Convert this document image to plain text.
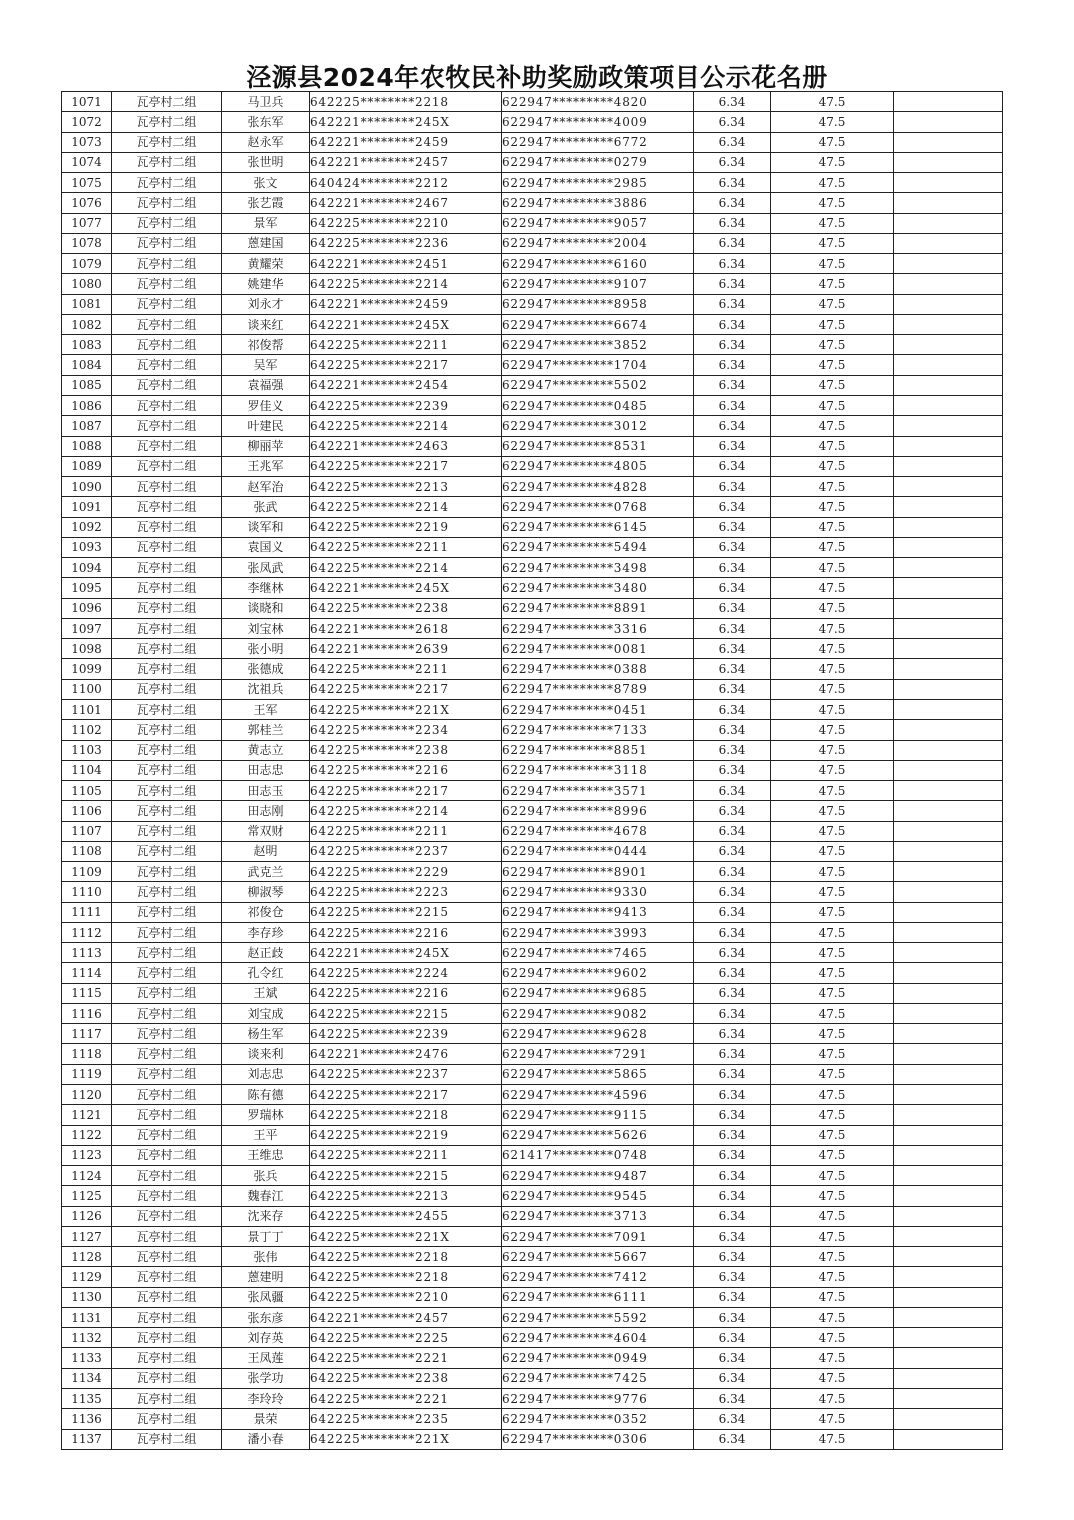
泾源县2024年农牧民补助奖励政策项目公示花名册
1071	瓦亭村二组	马卫兵	642225********2218	622947*********4820	6.34	47.5	
1072	瓦亭村二组	张东军	642221********245X	622947*********4009	6.34	47.5	
1073	瓦亭村二组	赵永军	642221********2459	622947*********6772	6.34	47.5	
1074	瓦亭村二组	张世明	642221********2457	622947*********0279	6.34	47.5	
1075	瓦亭村二组	张文	640424********2212	622947*********2985	6.34	47.5	
1076	瓦亭村二组	张艺霞	642221********2467	622947*********3886	6.34	47.5	
1077	瓦亭村二组	景军	642225********2210	622947*********9057	6.34	47.5	
1078	瓦亭村二组	蒽建国	642225********2236	622947*********2004	6.34	47.5	
1079	瓦亭村二组	黄耀荣	642221********2451	622947*********6160	6.34	47.5	
1080	瓦亭村二组	姚建华	642225********2214	622947*********9107	6.34	47.5	
1081	瓦亭村二组	刘永才	642221********2459	622947*********8958	6.34	47.5	
1082	瓦亭村二组	谈来红	642221********245X	622947*********6674	6.34	47.5	
1083	瓦亭村二组	祁俊帮	642225********2211	622947*********3852	6.34	47.5	
1084	瓦亭村二组	吴军	642225********2217	622947*********1704	6.34	47.5	
1085	瓦亭村二组	袁福强	642221********2454	622947*********5502	6.34	47.5	
1086	瓦亭村二组	罗佳义	642225********2239	622947*********0485	6.34	47.5	
1087	瓦亭村二组	叶建民	642225********2214	622947*********3012	6.34	47.5	
1088	瓦亭村二组	柳丽苹	642221********2463	622947*********8531	6.34	47.5	
1089	瓦亭村二组	王兆军	642225********2217	622947*********4805	6.34	47.5	
1090	瓦亭村二组	赵军治	642225********2213	622947*********4828	6.34	47.5	
1091	瓦亭村二组	张武	642225********2214	622947*********0768	6.34	47.5	
1092	瓦亭村二组	谈军和	642225********2219	622947*********6145	6.34	47.5	
1093	瓦亭村二组	袁国义	642225********2211	622947*********5494	6.34	47.5	
1094	瓦亭村二组	张凤武	642225********2214	622947*********3498	6.34	47.5	
1095	瓦亭村二组	李继林	642221********245X	622947*********3480	6.34	47.5	
1096	瓦亭村二组	谈晓和	642225********2238	622947*********8891	6.34	47.5	
1097	瓦亭村二组	刘宝林	642221********2618	622947*********3316	6.34	47.5	
1098	瓦亭村二组	张小明	642221********2639	622947*********0081	6.34	47.5	
1099	瓦亭村二组	张德成	642225********2211	622947*********0388	6.34	47.5	
1100	瓦亭村二组	沈祖兵	642225********2217	622947*********8789	6.34	47.5	
1101	瓦亭村二组	王军	642225********221X	622947*********0451	6.34	47.5	
1102	瓦亭村二组	郭桂兰	642225********2234	622947*********7133	6.34	47.5	
1103	瓦亭村二组	黄志立	642225********2238	622947*********8851	6.34	47.5	
1104	瓦亭村二组	田志忠	642225********2216	622947*********3118	6.34	47.5	
1105	瓦亭村二组	田志玉	642225********2217	622947*********3571	6.34	47.5	
1106	瓦亭村二组	田志刚	642225********2214	622947*********8996	6.34	47.5	
1107	瓦亭村二组	常双财	642225********2211	622947*********4678	6.34	47.5	
1108	瓦亭村二组	赵明	642225********2237	622947*********0444	6.34	47.5	
1109	瓦亭村二组	武克兰	642225********2229	622947*********8901	6.34	47.5	
1110	瓦亭村二组	柳淑琴	642225********2223	622947*********9330	6.34	47.5	
1111	瓦亭村二组	祁俊仓	642225********2215	622947*********9413	6.34	47.5	
1112	瓦亭村二组	李存珍	642225********2216	622947*********3993	6.34	47.5	
1113	瓦亭村二组	赵正歧	642221********245X	622947*********7465	6.34	47.5	
1114	瓦亭村二组	孔令红	642225********2224	622947*********9602	6.34	47.5	
1115	瓦亭村二组	王斌	642225********2216	622947*********9685	6.34	47.5	
1116	瓦亭村二组	刘宝成	642225********2215	622947*********9082	6.34	47.5	
1117	瓦亭村二组	杨生军	642225********2239	622947*********9628	6.34	47.5	
1118	瓦亭村二组	谈来利	642221********2476	622947*********7291	6.34	47.5	
1119	瓦亭村二组	刘志忠	642225********2237	622947*********5865	6.34	47.5	
1120	瓦亭村二组	陈有德	642225********2217	622947*********4596	6.34	47.5	
1121	瓦亭村二组	罗瑞林	642225********2218	622947*********9115	6.34	47.5	
1122	瓦亭村二组	王平	642225********2219	622947*********5626	6.34	47.5	
1123	瓦亭村二组	王维忠	642225********2211	621417*********0748	6.34	47.5	
1124	瓦亭村二组	张兵	642225********2215	622947*********9487	6.34	47.5	
1125	瓦亭村二组	魏春江	642225********2213	622947*********9545	6.34	47.5	
1126	瓦亭村二组	沈来存	642225********2455	622947*********3713	6.34	47.5	
1127	瓦亭村二组	景丁丁	642225********221X	622947*********7091	6.34	47.5	
1128	瓦亭村二组	张伟	642225********2218	622947*********5667	6.34	47.5	
1129	瓦亭村二组	蒽建明	642225********2218	622947*********7412	6.34	47.5	
1130	瓦亭村二组	张凤疆	642225********2210	622947*********6111	6.34	47.5	
1131	瓦亭村二组	张东彦	642221********2457	622947*********5592	6.34	47.5	
1132	瓦亭村二组	刘存英	642225********2225	622947*********4604	6.34	47.5	
1133	瓦亭村二组	王凤莲	642225********2221	622947*********0949	6.34	47.5	
1134	瓦亭村二组	张学功	642225********2238	622947*********7425	6.34	47.5	
1135	瓦亭村二组	李玲玲	642225********2221	622947*********9776	6.34	47.5	
1136	瓦亭村二组	景荣	642225********2235	622947*********0352	6.34	47.5	
1137	瓦亭村二组	潘小春	642225********221X	622947*********0306	6.34	47.5	
